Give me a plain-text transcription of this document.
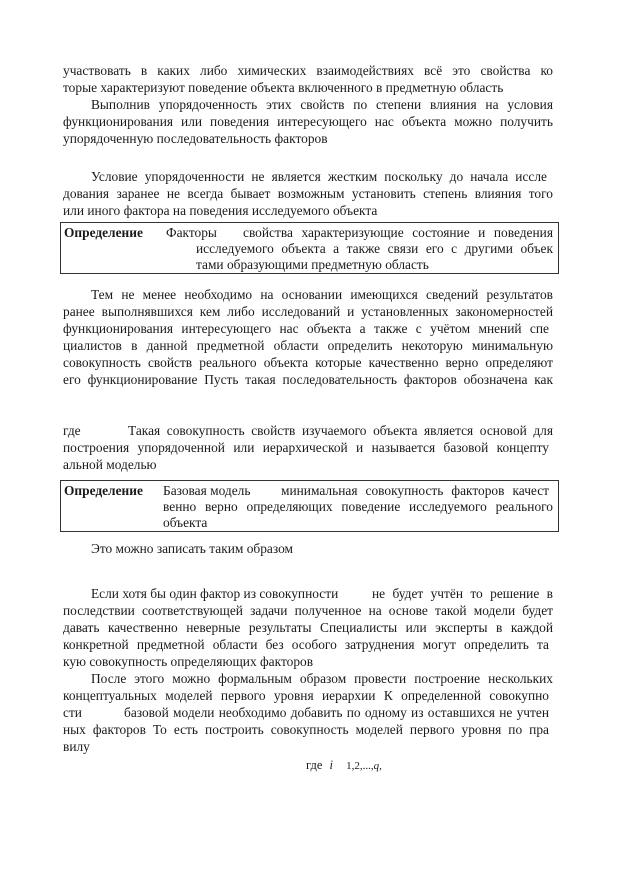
участвовать в каких либо химических взаимодействиях всё это свойства ко
торые характеризуют поведение объекта включенного в предметную область
Выполнив упорядоченность этих свойств по степени влияния на условия
функционирования или поведения интересующего нас объекта можно получить
упорядоченную последовательность факторов
Условие упорядоченности не является жестким поскольку до начала иссле
дования заранее не всегда бывает возможным установить степень влияния того
или иного фактора на поведения исследуемого объекта
Определение Факторы свойства характеризующие состояние и поведения
исследуемого объекта а также связи его с другими объек
тами образующими предметную область
Тем не менее необходимо на основании имеющихся сведений результатов
ранее выполнявшихся кем либо исследований и установленных закономерностей
функционирования интересующего нас объекта а также с учётом мнений спе
циалистов в данной предметной области определить некоторую минимальную
совокупность свойств реального объекта которые качественно верно определяют
его функционирование Пусть такая последовательность факторов обозначена как
где	Такая совокупность свойств изучаемого объекта является основой для
построения упорядоченной или иерархической и называется базовой концепту
альной моделью
Определение Базовая модель минимальная совокупность факторов качест
венно верно определяющих поведение исследуемого реального
объекта
Это можно записать таким образом
Если хотя бы один фактор из совокупности	не будет учтён то решение в
последствии соответствующей задачи полученное на основе такой модели будет
давать качественно неверные результаты Специалисты или эксперты в каждой
конкретной предметной области без особого затруднения могут определить та
кую совокупность определяющих факторов
После этого можно формальным образом провести построение нескольких
концептуальных моделей первого уровня иерархии К определенной совокупно
сти	базовой модели необходимо добавить по одному из оставшихся не учтен
ных факторов То есть построить совокупность моделей первого уровня по пра
вилу
где i 1,2,...,q,
